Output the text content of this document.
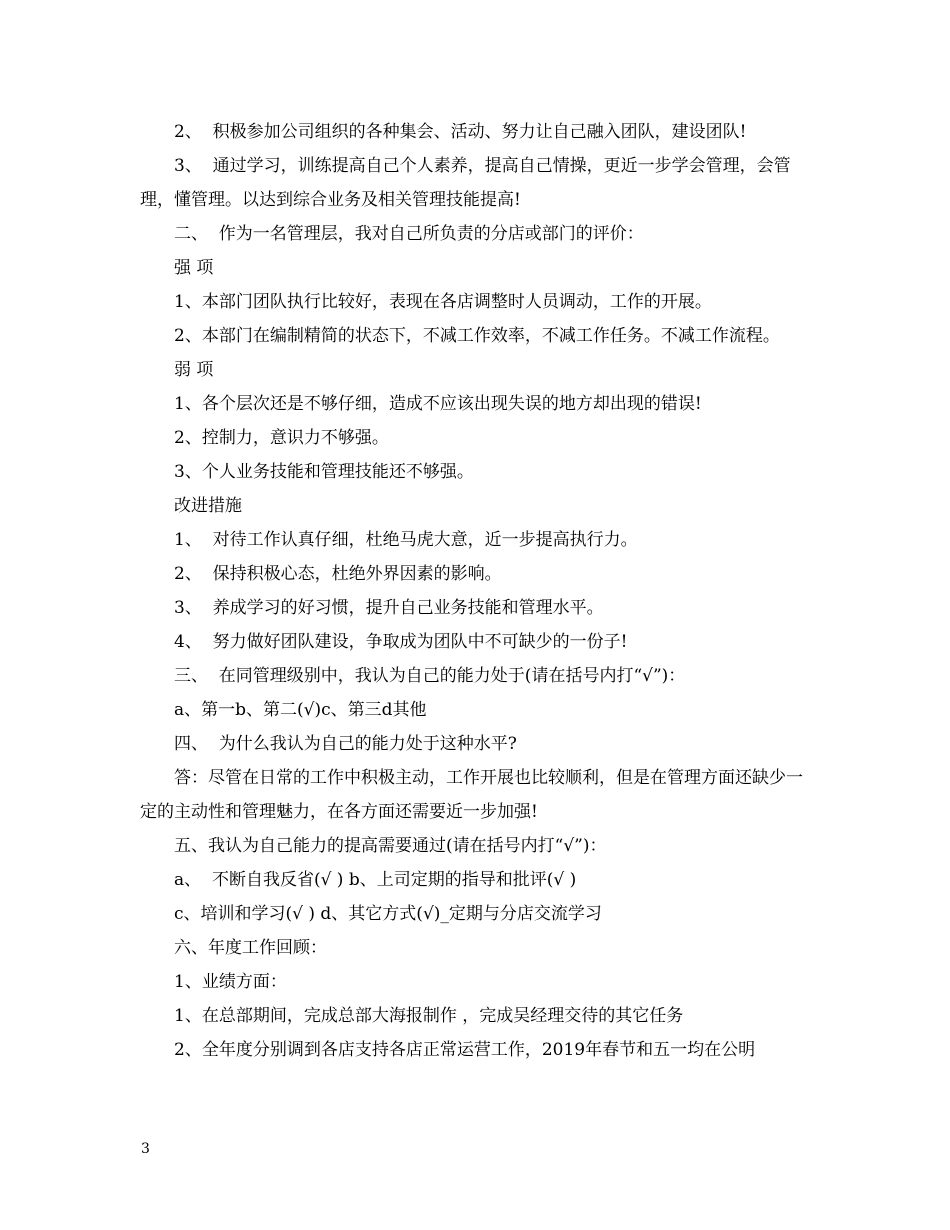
2、  积极参加公司组织的各种集会、活动、努力让自己融入团队，建设团队!

3、  通过学习，训练提高自己个人素养，提高自己情操，更近一步学会管理，会管理，懂管理。以达到综合业务及相关管理技能提高!

二、  作为一名管理层，我对自己所负责的分店或部门的评价：

强 项

1、本部门团队执行比较好，表现在各店调整时人员调动，工作的开展。

2、本部门在编制精简的状态下，不减工作效率，不减工作任务。不减工作流程。

弱 项

1、各个层次还是不够仔细，造成不应该出现失误的地方却出现的错误!

2、控制力，意识力不够强。

3、个人业务技能和管理技能还不够强。

改进措施

1、  对待工作认真仔细，杜绝马虎大意，近一步提高执行力。

2、  保持积极心态，杜绝外界因素的影响。

3、  养成学习的好习惯，提升自己业务技能和管理水平。

4、  努力做好团队建设，争取成为团队中不可缺少的一份子!

三、  在同管理级别中，我认为自己的能力处于(请在括号内打“√”)：

a、第一b、第二(√)c、第三d其他

四、  为什么我认为自己的能力处于这种水平?

答：尽管在日常的工作中积极主动，工作开展也比较顺利，但是在管理方面还缺少一定的主动性和管理魅力，在各方面还需要近一步加强!

五、我认为自己能力的提高需要通过(请在括号内打“√”)：

a、  不断自我反省(√ ) b、上司定期的指导和批评(√ )

c、培训和学习(√ ) d、其它方式(√)_定期与分店交流学习

六、年度工作回顾：

1、业绩方面：

1、在总部期间，完成总部大海报制作 ，完成吴经理交待的其它任务

2、全年度分别调到各店支持各店正常运营工作，2019年春节和五一均在公明

3
